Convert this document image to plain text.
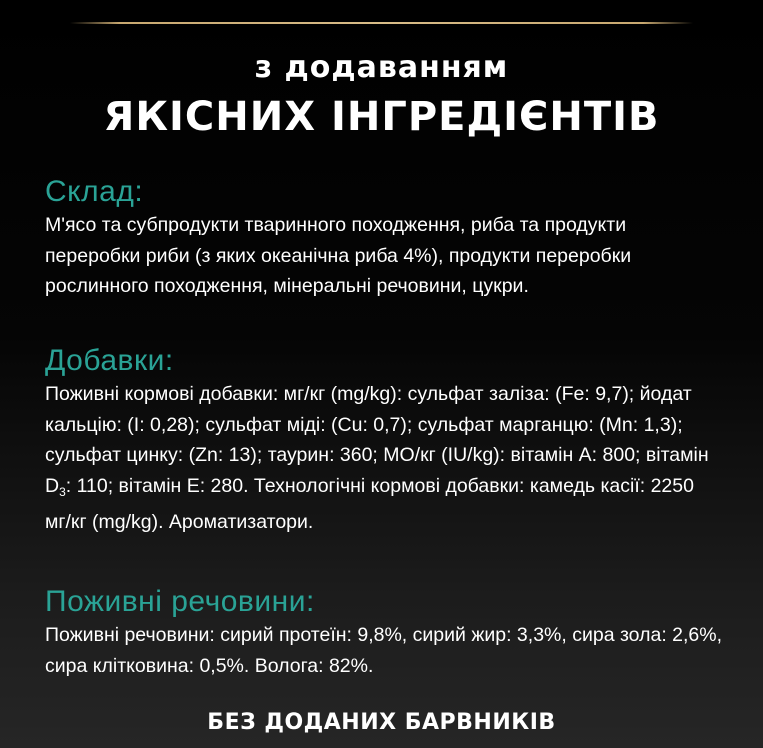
з додаванням
ЯКІСНИХ ІНГРЕДІЄНТІВ
Склад:

М'ясо та субпродукти тваринного походження, риба та продукти переробки риби (з яких океанічна риба 4%), продукти переробки рослинного походження, мінеральні речовини, цукри.

Добавки:

Поживні кормові добавки: мг/кг (mg/kg): сульфат заліза: (Fe: 9,7); йодат кальцію: (I: 0,28); сульфат міді: (Cu: 0,7); сульфат марганцю: (Mn: 1,3); сульфат цинку: (Zn: 13); таурин: 360; МО/кг (IU/kg): вітамін А: 800; вітамін $D_3$: 110; вітамін Е: 280. Технологічні кормові добавки: камедь касії: 2250 мг/кг (mg/kg). Ароматизатори.

Поживні речовини:

Поживні речовини: сирий протеїн: 9,8%, сирий жир: 3,3%, сира зола: 2,6%, сира клітковина: 0,5%. Волога: 82%.

БЕЗ ДОДАНИХ БАРВНИКІВ
